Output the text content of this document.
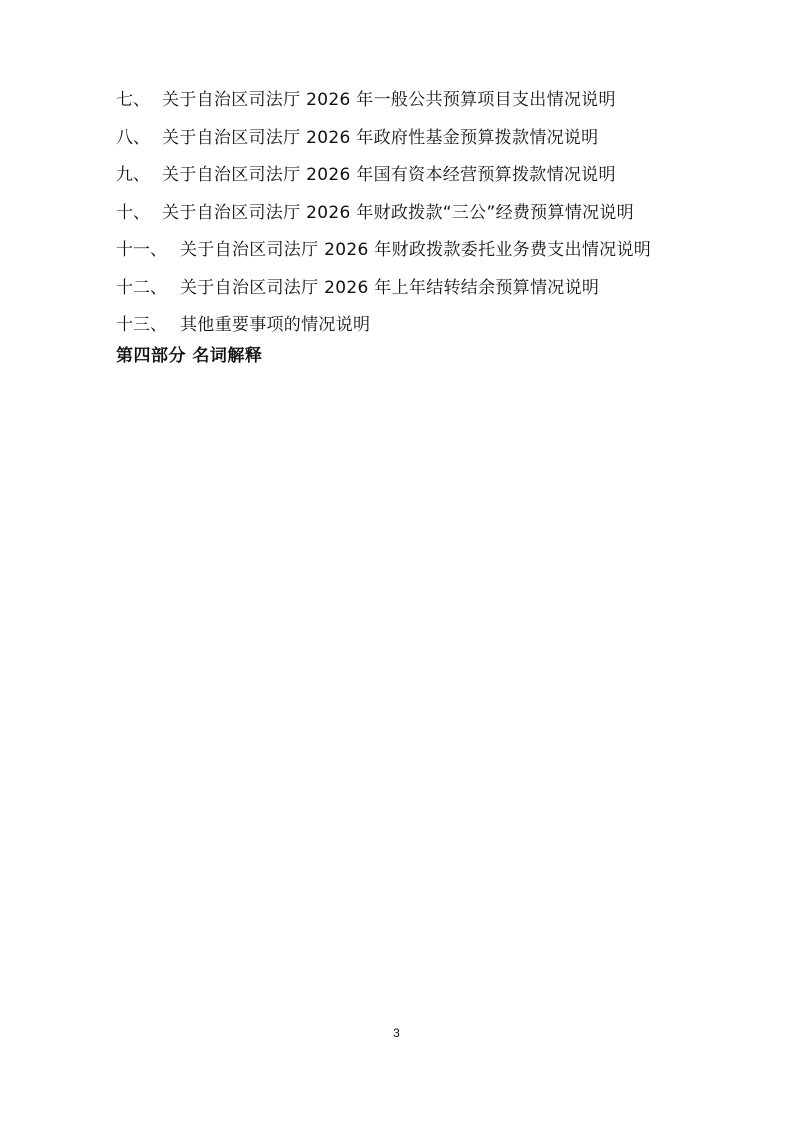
七、 关于自治区司法厅 2026 年一般公共预算项目支出情况说明
八、 关于自治区司法厅 2026 年政府性基金预算拨款情况说明
九、 关于自治区司法厅 2026 年国有资本经营预算拨款情况说明
十、 关于自治区司法厅 2026 年财政拨款“三公”经费预算情况说明
十一、 关于自治区司法厅 2026 年财政拨款委托业务费支出情况说明
十二、 关于自治区司法厅 2026 年上年结转结余预算情况说明
十三、 其他重要事项的情况说明
第四部分 名词解释
3
